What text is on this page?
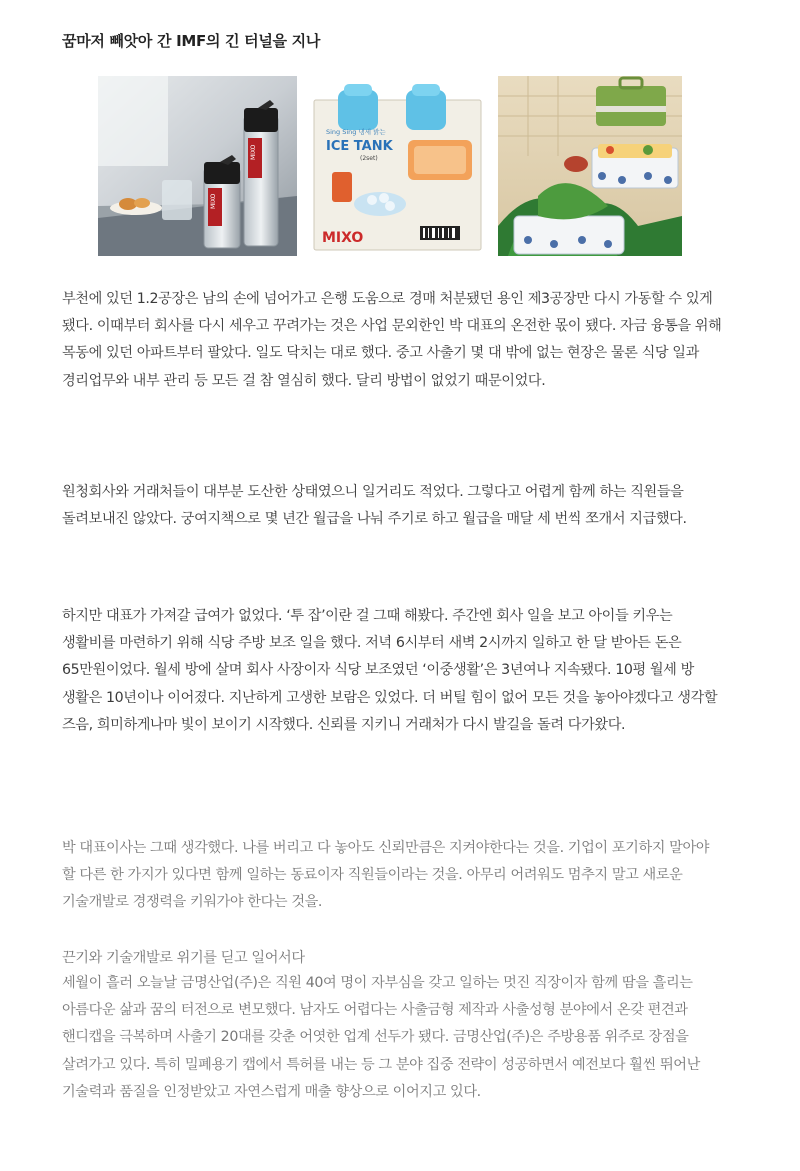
꿈마저 빼앗아 간 IMF의 긴 터널을 지나
MIXO
MIXO
Sing Sing 냉세 밝는
ICE TANK
(2set)
MIXO

부천에 있던 1.2공장은 남의 손에 넘어가고 은행 도움으로 경매 처분됐던 용인 제3공장만 다시 가동할 수 있게 됐다. 이때부터 회사를 다시 세우고 꾸려가는 것은 사업 문외한인 박 대표의 온전한 몫이 됐다. 자금 융통을 위해 목동에 있던 아파트부터 팔았다. 일도 닥치는 대로 했다. 중고 사출기 몇 대 밖에 없는 현장은 물론 식당 일과 경리업무와 내부 관리 등 모든 걸 참 열심히 했다. 달리 방법이 없었기 때문이었다.

원청회사와 거래처들이 대부분 도산한 상태였으니 일거리도 적었다. 그렇다고 어렵게 함께 하는 직원들을 돌려보내진 않았다. 궁여지책으로 몇 년간 월급을 나눠 주기로 하고 월급을 매달 세 번씩 쪼개서 지급했다.

하지만 대표가 가져갈 급여가 없었다. ‘투 잡’이란 걸 그때 해봤다. 주간엔 회사 일을 보고 아이들 키우는 생활비를 마련하기 위해 식당 주방 보조 일을 했다. 저녁 6시부터 새벽 2시까지 일하고 한 달 받아든 돈은 65만원이었다. 월세 방에 살며 회사 사장이자 식당 보조였던 ‘이중생활’은 3년여나 지속됐다. 10평 월세 방 생활은 10년이나 이어졌다. 지난하게 고생한 보람은 있었다. 더 버틸 힘이 없어 모든 것을 놓아야겠다고 생각할 즈음, 희미하게나마 빛이 보이기 시작했다. 신뢰를 지키니 거래처가 다시 발길을 돌려 다가왔다.

박 대표이사는 그때 생각했다. 나를 버리고 다 놓아도 신뢰만큼은 지켜야한다는 것을. 기업이 포기하지 말아야 할 다른 한 가지가 있다면 함께 일하는 동료이자 직원들이라는 것을. 아무리 어려워도 멈추지 말고 새로운 기술개발로 경쟁력을 키워가야 한다는 것을.

끈기와 기술개발로 위기를 딛고 일어서다

세월이 흘러 오늘날 금명산업(주)은 직원 40여 명이 자부심을 갖고 일하는 멋진 직장이자 함께 땀을 흘리는 아름다운 삶과 꿈의 터전으로 변모했다. 남자도 어렵다는 사출금형 제작과 사출성형 분야에서 온갖 편견과 핸디캡을 극복하며 사출기 20대를 갖춘 어엿한 업계 선두가 됐다. 금명산업(주)은 주방용품 위주로 장점을 살려가고 있다. 특히 밀폐용기 캡에서 특허를 내는 등 그 분야 집중 전략이 성공하면서 예전보다 훨씬 뛰어난 기술력과 품질을 인정받았고 자연스럽게 매출 향상으로 이어지고 있다.
